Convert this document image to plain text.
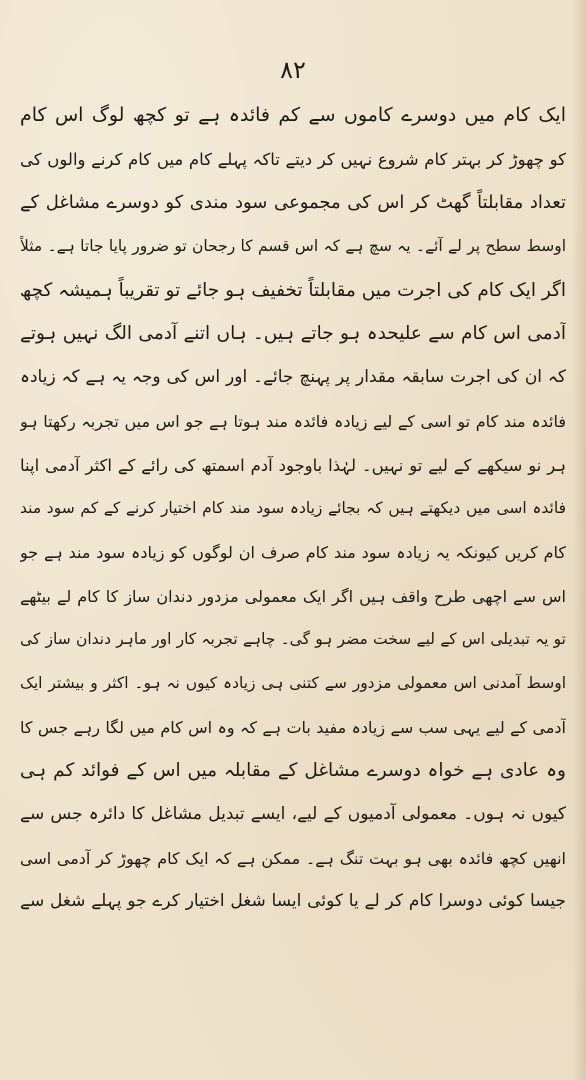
٨٢
ایک کام میں دوسرے کاموں سے کم فائدہ ہے تو کچھ لوگ اس کام
کو چھوڑ کر بہتر کام شروع نہیں کر دیتے تاکہ پہلے کام میں کام کرنے والوں کی
تعداد مقابلتاً گھٹ کر اس کی مجموعی سود مندی کو دوسرے مشاغل کے
اوسط سطح پر لے آئے۔ یہ سچ ہے کہ اس قسم کا رجحان تو ضرور پایا جاتا ہے۔ مثلاً
اگر ایک کام کی اجرت میں مقابلتاً تخفیف ہو جائے تو تقریباً ہمیشہ کچھ
آدمی اس کام سے علیحدہ ہو جاتے ہیں۔ ہاں اتنے آدمی الگ نہیں ہوتے
کہ ان کی اجرت سابقہ مقدار پر پہنچ جائے۔ اور اس کی وجہ یہ ہے کہ زیادہ
فائدہ مند کام تو اسی کے لیے زیادہ فائدہ مند ہوتا ہے جو اس میں تجربہ رکھتا ہو
ہر نو سیکھے کے لیے تو نہیں۔ لہٰذا باوجود آدم اسمتھ کی رائے کے اکثر آدمی اپنا
فائدہ اسی میں دیکھتے ہیں کہ بجائے زیادہ سود مند کام اختیار کرنے کے کم سود مند
کام کریں کیونکہ یہ زیادہ سود مند کام صرف ان لوگوں کو زیادہ سود مند ہے جو
اس سے اچھی طرح واقف ہیں اگر ایک معمولی مزدور دندان ساز کا کام لے بیٹھے
تو یہ تبدیلی اس کے لیے سخت مضر ہو گی۔ چاہے تجربہ کار اور ماہر دندان ساز کی
اوسط آمدنی اس معمولی مزدور سے کتنی ہی زیادہ کیوں نہ ہو۔ اکثر و بیشتر ایک
آدمی کے لیے یہی سب سے زیادہ مفید بات ہے کہ وہ اس کام میں لگا رہے جس کا
وہ عادی ہے خواہ دوسرے مشاغل کے مقابلہ میں اس کے فوائد کم ہی
کیوں نہ ہوں۔ معمولی آدمیوں کے لیے، ایسے تبدیل مشاغل کا دائرہ جس سے
انھیں کچھ فائدہ بھی ہو بہت تنگ ہے۔ ممکن ہے کہ ایک کام چھوڑ کر آدمی اسی
جیسا کوئی دوسرا کام کر لے یا کوئی ایسا شغل اختیار کرے جو پہلے شغل سے
